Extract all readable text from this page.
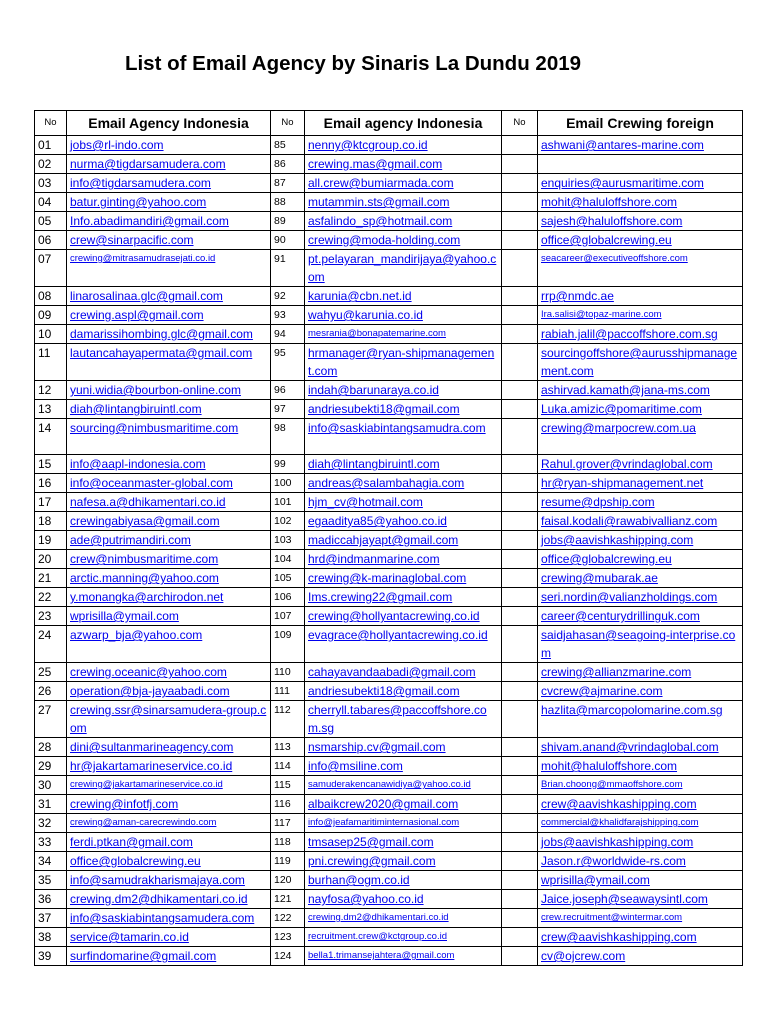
List of Email Agency by Sinaris La Dundu 2019
No	Email Agency Indonesia	No	Email agency Indonesia	No	Email Crewing foreign
01	jobs@rl-indo.com	85	nenny@ktcgroup.co.id		ashwani@antares-marine.com
02	nurma@tigdarsamudera.com	86	crewing.mas@gmail.com		
03	info@tigdarsamudera.com	87	all.crew@bumiarmada.com		enquiries@aurusmaritime.com
04	batur.ginting@yahoo.com	88	mutammin.sts@gmail.com		mohit@haluloffshore.com
05	Info.abadimandiri@gmail.com	89	asfalindo_sp@hotmail.com		sajesh@haluloffshore.com
06	crew@sinarpacific.com	90	crewing@moda-holding.com		office@globalcrewing.eu
07	crewing@mitrasamudrasejati.co.id	91	pt.pelayaran_mandirijaya@yahoo.com		seacareer@executiveoffshore.com
08	linarosalinaa.glc@gmail.com	92	karunia@cbn.net.id		rrp@nmdc.ae
09	crewing.aspl@gmail.com	93	wahyu@karunia.co.id		Ira.salisi@topaz-marine.com
10	damarissihombing.glc@gmail.com	94	mesrania@bonapatemarine.com		rabiah.jalil@paccoffshore.com.sg
11	lautancahayapermata@gmail.com	95	hrmanager@ryan-shipmanagement.com		sourcingoffshore@aurusshipmanagement.com
12	yuni.widia@bourbon-online.com	96	indah@barunaraya.co.id		ashirvad.kamath@jana-ms.com
13	diah@lintangbiruintl.com	97	andriesubekti18@gmail.com		Luka.amizic@pomaritime.com
14	sourcing@nimbusmaritime.com	98	info@saskiabintangsamudra.com		crewing@marpocrew.com.ua
15	info@aapl-indonesia.com	99	diah@lintangbiruintl.com		Rahul.grover@vrindaglobal.com
16	info@oceanmaster-global.com	100	andreas@salambahagia.com		hr@ryan-shipmanagement.net
17	nafesa.a@dhikamentari.co.id	101	hjm_cv@hotmail.com		resume@dpship.com
18	crewingabiyasa@gmail.com	102	egaaditya85@yahoo.co.id		faisal.kodali@rawabivallianz.com
19	ade@putrimandiri.com	103	madiccahjayapt@gmail.com		jobs@aavishkashipping.com
20	crew@nimbusmaritime.com	104	hrd@indmanmarine.com		office@globalcrewing.eu
21	arctic.manning@yahoo.com	105	crewing@k-marinaglobal.com		crewing@mubarak.ae
22	y.monangka@archirodon.net	106	Ims.crewing22@gmail.com		seri.nordin@valianzholdings.com
23	wprisilla@ymail.com	107	crewing@hollyantacrewing.co.id		career@centurydrillinguk.com
24	azwarp_bja@yahoo.com	109	evagrace@hollyantacrewing.co.id		saidjahasan@seagoing-interprise.com
25	crewing.oceanic@yahoo.com	110	cahayavandaabadi@gmail.com		crewing@allianzmarine.com
26	operation@bja-jayaabadi.com	111	andriesubekti18@gmail.com		cvcrew@ajmarine.com
27	crewing.ssr@sinarsamudera-group.com	112	cherryll.tabares@paccoffshore.com.sg		hazlita@marcopolomarine.com.sg
28	dini@sultanmarineagency.com	113	nsmarship.cv@gmail.com		shivam.anand@vrindaglobal.com
29	hr@jakartamarineservice.co.id	114	info@msiline.com		mohit@haluloffshore.com
30	crewing@jakartamarineservice.co.id	115	samuderakencanawidiya@yahoo.co.id		Brian.choong@mmaoffshore.com
31	crewing@infotfj.com	116	albaikcrew2020@gmail.com		crew@aavishkashipping.com
32	crewing@aman-carecrewindo.com	117	info@jeafamaritiminternasional.com		commercial@khalidfarajshipping.com
33	ferdi.ptkan@gmail.com	118	tmsasep25@gmail.com		jobs@aavishkashipping.com
34	office@globalcrewing.eu	119	pni.crewing@gmail.com		Jason.r@worldwide-rs.com
35	info@samudrakharismajaya.com	120	burhan@ogm.co.id		wprisilla@ymail.com
36	crewing.dm2@dhikamentari.co.id	121	nayfosa@yahoo.co.id		Jaice.joseph@seawaysintl.com
37	info@saskiabintangsamudera.com	122	crewing.dm2@dhikamentari.co.id		crew.recruitment@wintermar.com
38	service@tamarin.co.id	123	recruitment.crew@kctgroup.co.id		crew@aavishkashipping.com
39	surfindomarine@gmail.com	124	bella1.trimansejahtera@gmail.com		cv@ojcrew.com
